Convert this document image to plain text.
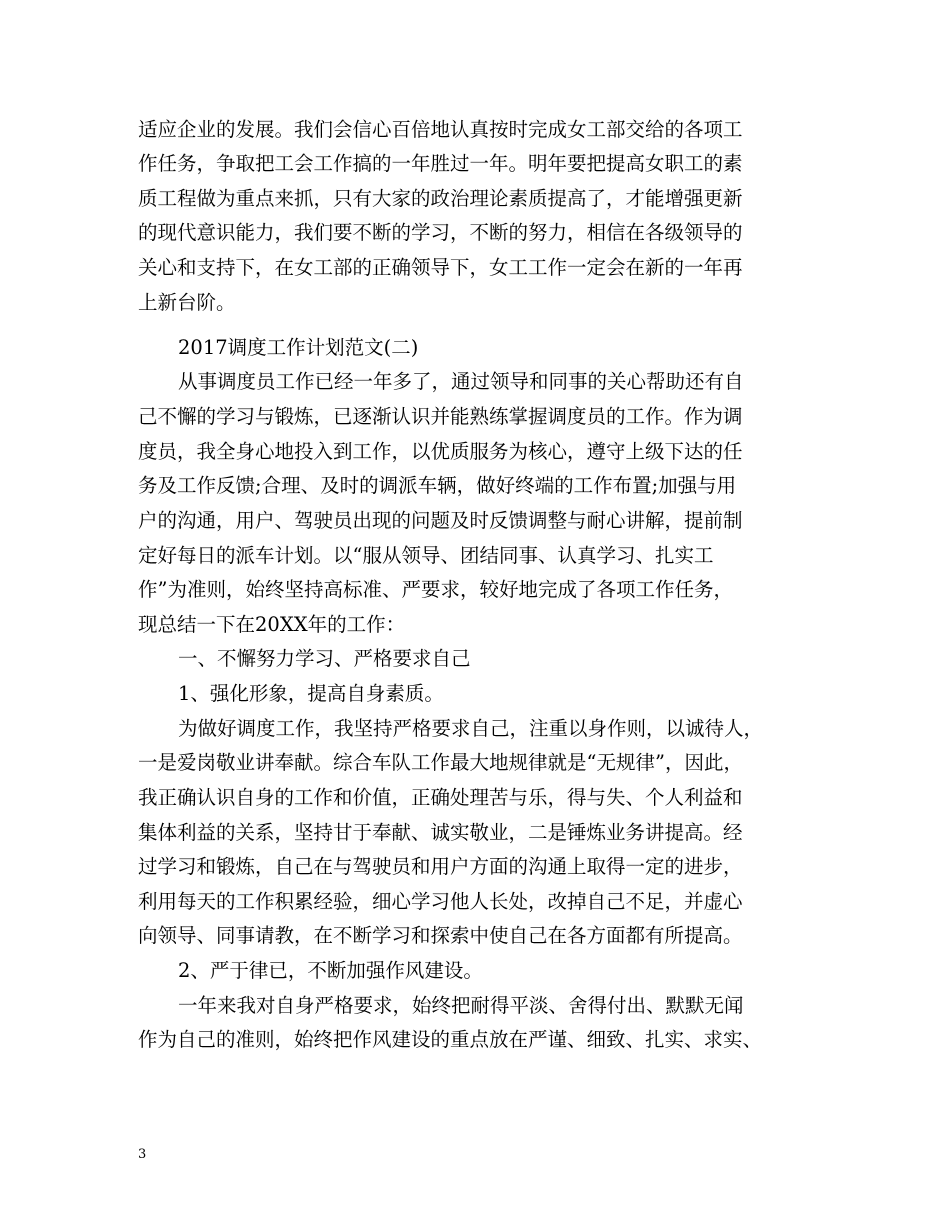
适应企业的发展。我们会信心百倍地认真按时完成女工部交给的各项工
作任务，争取把工会工作搞的一年胜过一年。明年要把提高女职工的素
质工程做为重点来抓，只有大家的政治理论素质提高了，才能增强更新
的现代意识能力，我们要不断的学习，不断的努力，相信在各级领导的
关心和支持下，在女工部的正确领导下，女工工作一定会在新的一年再
上新台阶。
2017调度工作计划范文(二)
从事调度员工作已经一年多了，通过领导和同事的关心帮助还有自
己不懈的学习与锻炼，已逐渐认识并能熟练掌握调度员的工作。作为调
度员，我全身心地投入到工作，以优质服务为核心，遵守上级下达的任
务及工作反馈;合理、及时的调派车辆，做好终端的工作布置;加强与用
户的沟通，用户、驾驶员出现的问题及时反馈调整与耐心讲解，提前制
定好每日的派车计划。以“服从领导、团结同事、认真学习、扎实工
作”为准则，始终坚持高标准、严要求，较好地完成了各项工作任务，
现总结一下在20XX年的工作：
一、不懈努力学习、严格要求自己
1、强化形象，提高自身素质。
为做好调度工作，我坚持严格要求自己，注重以身作则，以诚待人，
一是爱岗敬业讲奉献。综合车队工作最大地规律就是“无规律”，因此，
我正确认识自身的工作和价值，正确处理苦与乐，得与失、个人利益和
集体利益的关系，坚持甘于奉献、诚实敬业，二是锤炼业务讲提高。经
过学习和锻炼，自己在与驾驶员和用户方面的沟通上取得一定的进步，
利用每天的工作积累经验，细心学习他人长处，改掉自己不足，并虚心
向领导、同事请教，在不断学习和探索中使自己在各方面都有所提高。
2、严于律已，不断加强作风建设。
一年来我对自身严格要求，始终把耐得平淡、舍得付出、默默无闻
作为自己的准则，始终把作风建设的重点放在严谨、细致、扎实、求实、
3
